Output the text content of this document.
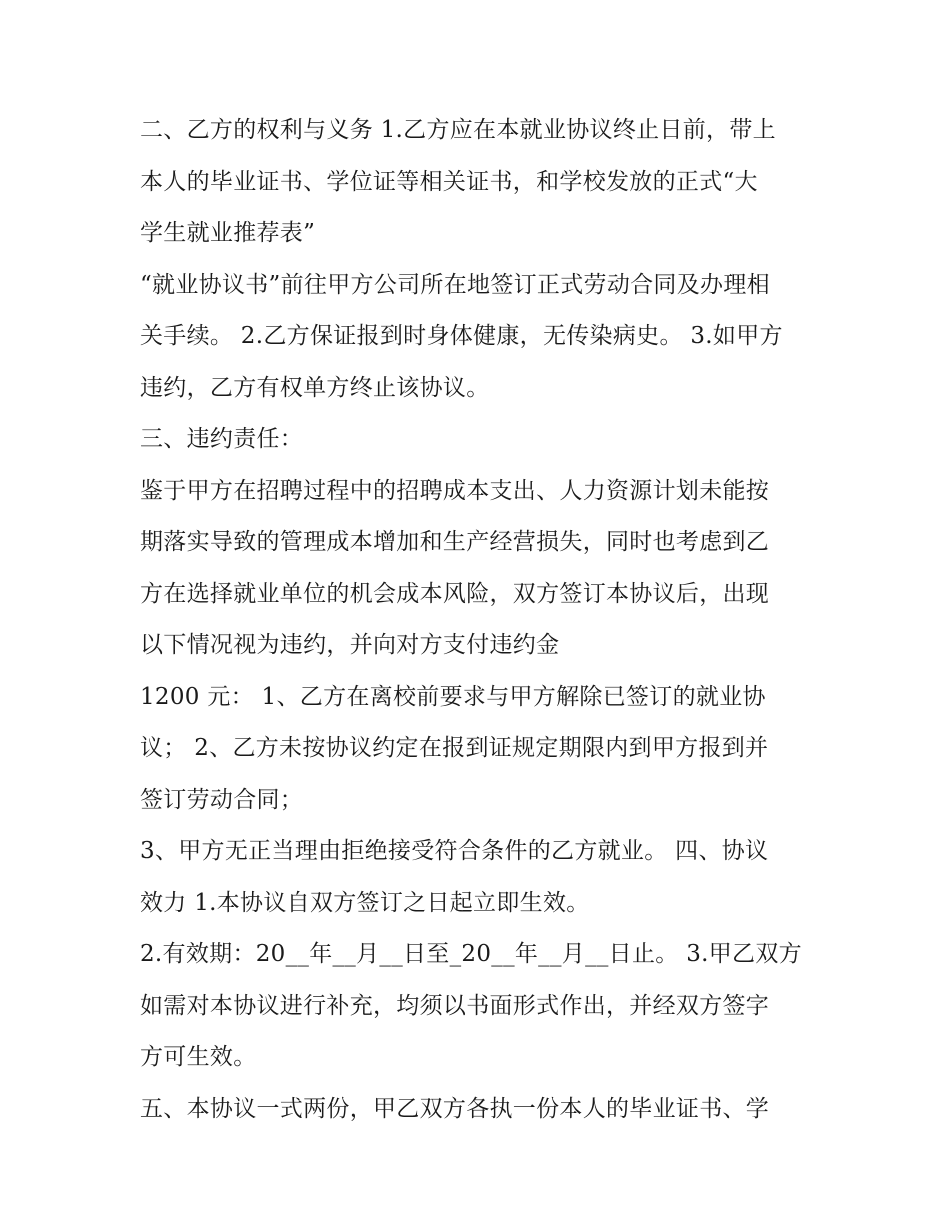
二、乙方的权利与义务 1.乙方应在本就业协议终止日前，带上
本人的毕业证书、学位证等相关证书，和学校发放的正式“大
学生就业推荐表”
“就业协议书”前往甲方公司所在地签订正式劳动合同及办理相
关手续。 2.乙方保证报到时身体健康，无传染病史。 3.如甲方
违约，乙方有权单方终止该协议。
三、违约责任：
鉴于甲方在招聘过程中的招聘成本支出、人力资源计划未能按
期落实导致的管理成本增加和生产经营损失，同时也考虑到乙
方在选择就业单位的机会成本风险，双方签订本协议后，出现
以下情况视为违约，并向对方支付违约金
1200 元： 1、乙方在离校前要求与甲方解除已签订的就业协
议； 2、乙方未按协议约定在报到证规定期限内到甲方报到并
签订劳动合同；
3、甲方无正当理由拒绝接受符合条件的乙方就业。 四、协议
效力 1.本协议自双方签订之日起立即生效。
2.有效期：20__年__月__日至_20__年__月__日止。 3.甲乙双方
如需对本协议进行补充，均须以书面形式作出，并经双方签字
方可生效。
五、本协议一式两份，甲乙双方各执一份本人的毕业证书、学
